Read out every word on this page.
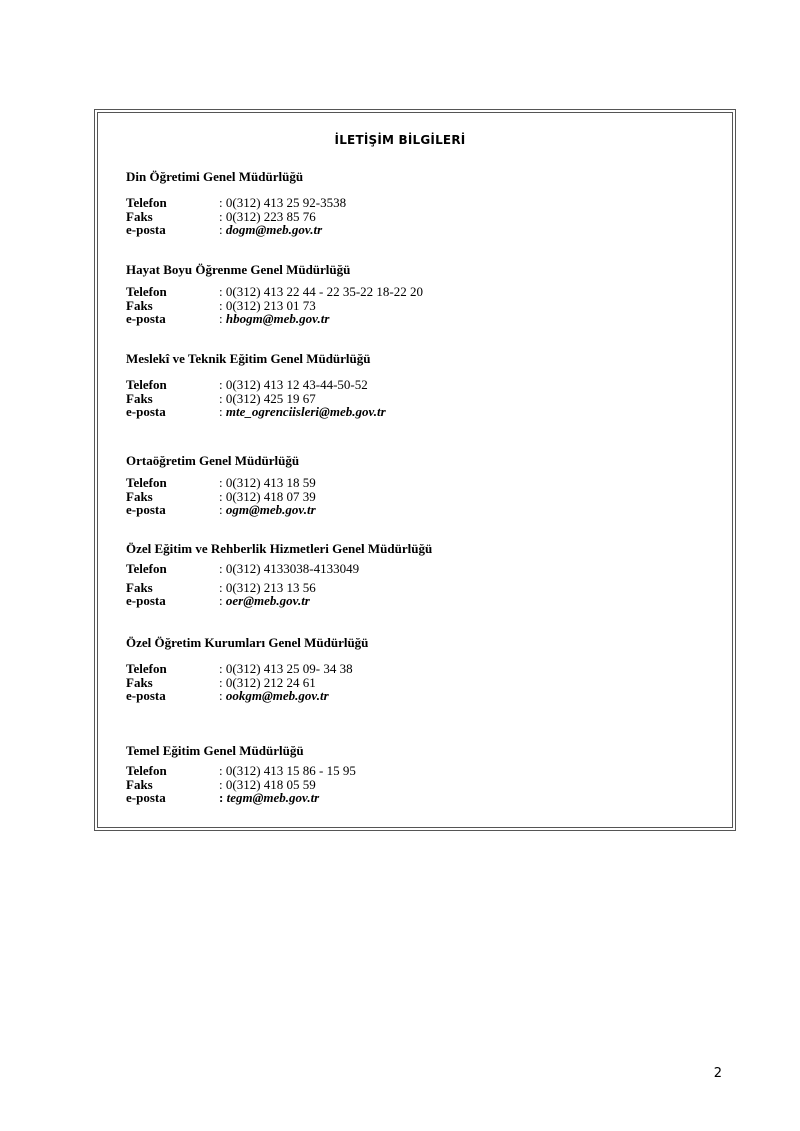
İLETİŞİM BİLGİLERİ

Din Öğretimi Genel Müdürlüğü

Telefon	: 0(312) 413 25 92-3538
Faks	: 0(312) 223 85 76
e-posta	: dogm@meb.gov.tr

Hayat Boyu Öğrenme Genel Müdürlüğü

Telefon	: 0(312) 413 22 44 - 22 35-22 18-22 20
Faks	: 0(312) 213 01 73
e-posta	: hbogm@meb.gov.tr

Meslekî ve Teknik Eğitim Genel Müdürlüğü

Telefon	: 0(312) 413 12 43-44-50-52
Faks	: 0(312) 425 19 67
e-posta	: mte_ogrenciisleri@meb.gov.tr

Ortaöğretim Genel Müdürlüğü

Telefon	: 0(312) 413 18 59
Faks	: 0(312) 418 07 39
e-posta	: ogm@meb.gov.tr

Özel Eğitim ve Rehberlik Hizmetleri Genel Müdürlüğü

Telefon	: 0(312) 4133038-4133049
Faks	: 0(312) 213 13 56
e-posta	: oer@meb.gov.tr

Özel Öğretim Kurumları Genel Müdürlüğü

Telefon	: 0(312) 413 25 09- 34 38
Faks	: 0(312) 212 24 61
e-posta	: ookgm@meb.gov.tr

Temel Eğitim Genel Müdürlüğü

Telefon	: 0(312) 413 15 86 - 15 95
Faks	: 0(312) 418 05 59
e-posta	: tegm@meb.gov.tr
2
